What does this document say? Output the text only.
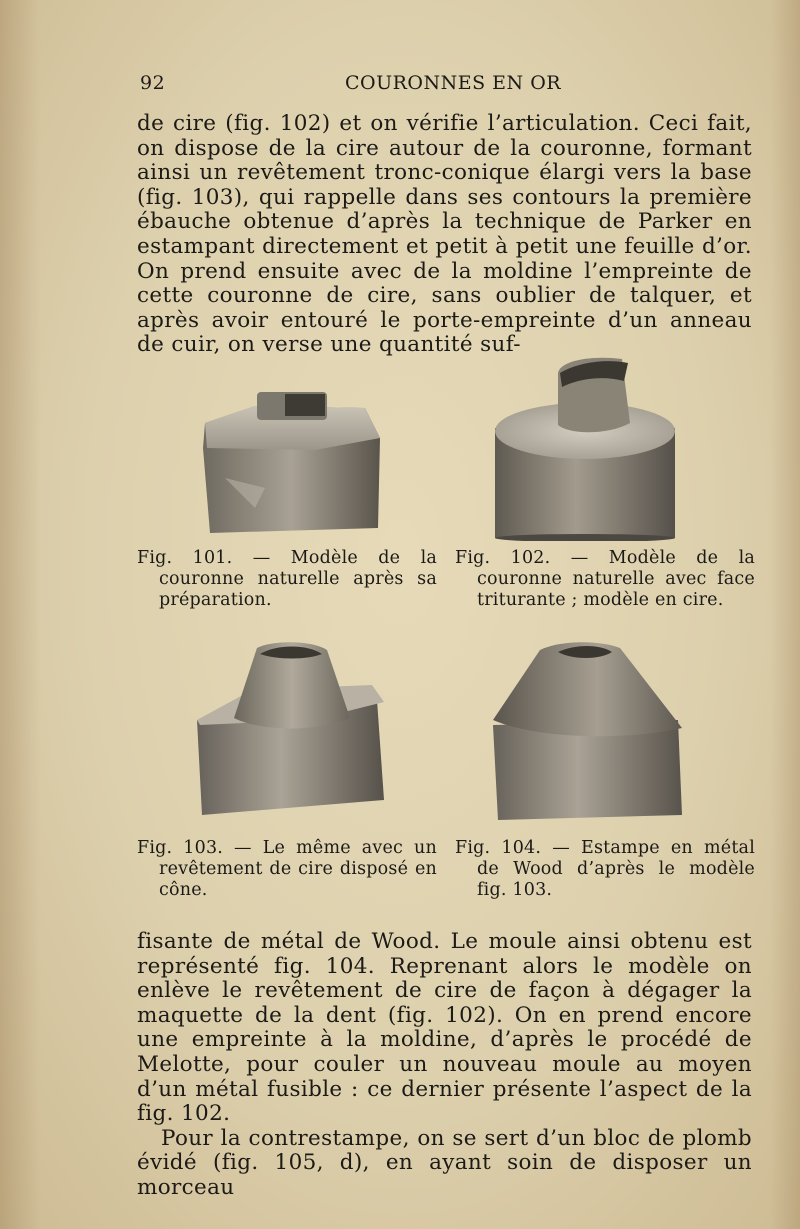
92	COURONNES EN OR

de cire (fig. 102) et on vérifie l’articulation. Ceci fait, on dispose de la cire autour de la couronne, formant ainsi un revêtement tronc-conique élargi vers la base (fig. 103), qui rappelle dans ses contours la première ébauche obtenue d’après la technique de Parker en estampant directement et petit à petit une feuille d’or. On prend ensuite avec de la moldine l’empreinte de cette couronne de cire, sans oublier de talquer, et après avoir entouré le porte-empreinte d’un anneau de cuir, on verse une quantité suf-

Fig. 101. — Modèle de la couronne naturelle après sa préparation.
Fig. 102. — Modèle de la couronne naturelle avec face triturante ; modèle en cire.
Fig. 103. — Le même avec un revêtement de cire disposé en cône.
Fig. 104. — Estampe en métal de Wood d’après le modèle fig. 103.

fisante de métal de Wood. Le moule ainsi obtenu est représenté fig. 104. Reprenant alors le modèle on enlève le revêtement de cire de façon à dégager la maquette de la dent (fig. 102). On en prend encore une empreinte à la moldine, d’après le procédé de Melotte, pour couler un nouveau moule au moyen d’un métal fusible : ce dernier présente l’aspect de la fig. 102.

Pour la contrestampe, on se sert d’un bloc de plomb évidé (fig. 105, d), en ayant soin de disposer un morceau
